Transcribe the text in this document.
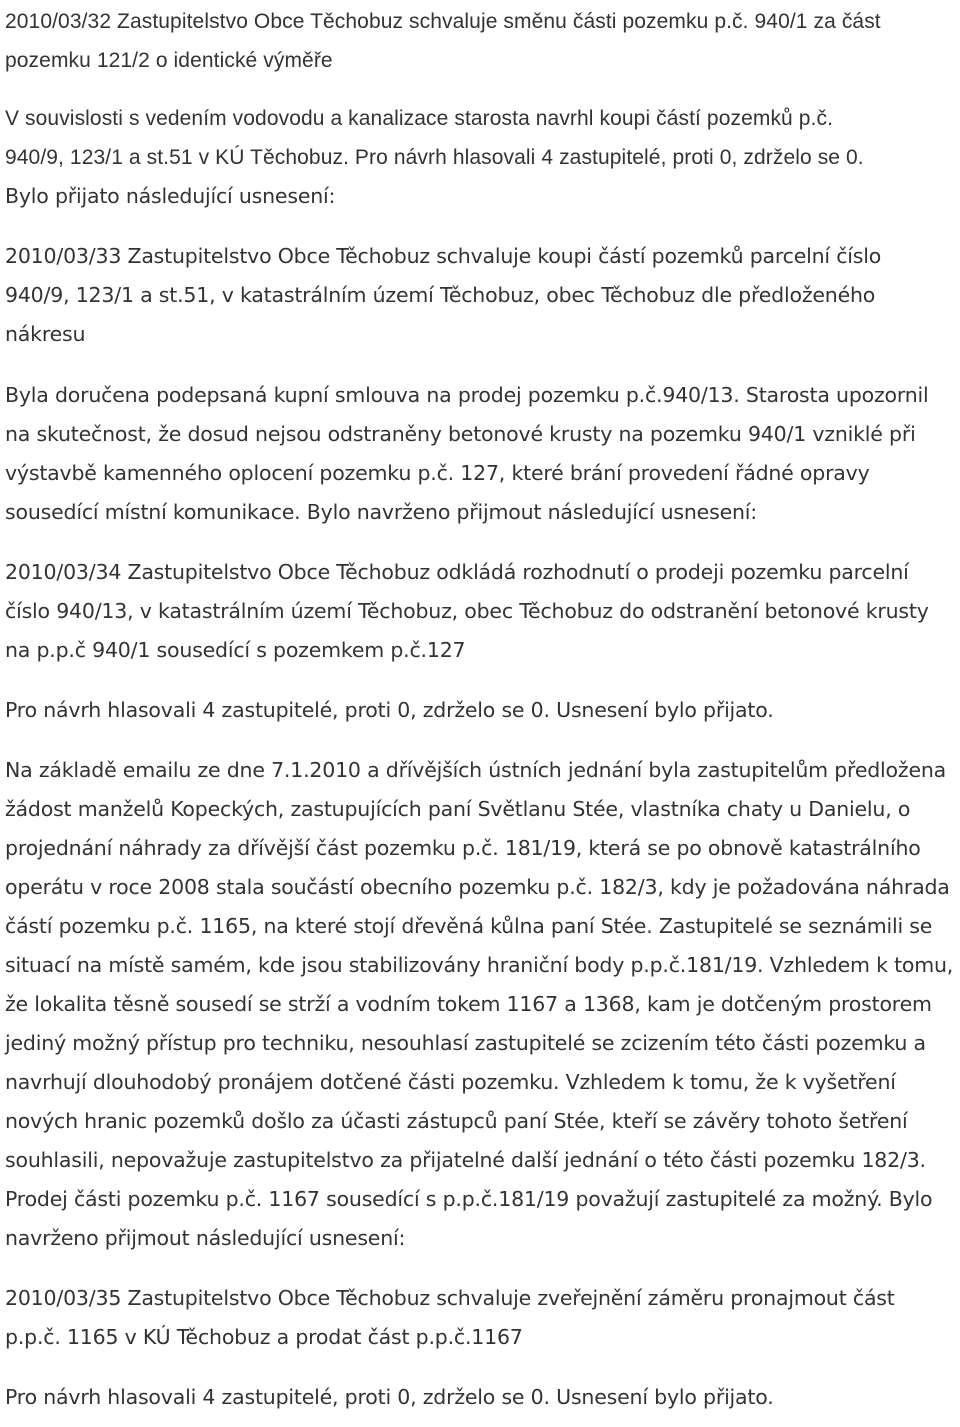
2010/03/32 Zastupitelstvo Obce Těchobuz schvaluje směnu části pozemku p.č. 940/1 za část
pozemku 121/2 o identické výměře

V souvislosti s vedením vodovodu a kanalizace starosta navrhl koupi částí pozemků p.č.
940/9, 123/1 a st.51 v KÚ Těchobuz. Pro návrh hlasovali 4 zastupitelé, proti 0, zdrželo se 0.
Bylo přijato následující usnesení:

2010/03/33 Zastupitelstvo Obce Těchobuz schvaluje koupi částí pozemků parcelní číslo
940/9, 123/1 a st.51, v katastrálním území Těchobuz, obec Těchobuz dle předloženého
nákresu

Byla doručena podepsaná kupní smlouva na prodej pozemku p.č.940/13. Starosta upozornil
na skutečnost, že dosud nejsou odstraněny betonové krusty na pozemku 940/1 vzniklé při
výstavbě kamenného oplocení pozemku p.č. 127, které brání provedení řádné opravy
sousedící místní komunikace. Bylo navrženo přijmout následující usnesení:

2010/03/34 Zastupitelstvo Obce Těchobuz odkládá rozhodnutí o prodeji pozemku parcelní
číslo 940/13, v katastrálním území Těchobuz, obec Těchobuz do odstranění betonové krusty
na p.p.č 940/1 sousedící s pozemkem p.č.127

Pro návrh hlasovali 4 zastupitelé, proti 0, zdrželo se 0. Usnesení bylo přijato.

Na základě emailu ze dne 7.1.2010 a dřívějších ústních jednání byla zastupitelům předložena
žádost manželů Kopeckých, zastupujících paní Světlanu Stée, vlastníka chaty u Danielu, o
projednání náhrady za dřívější část pozemku p.č. 181/19, která se po obnově katastrálního
operátu v roce 2008 stala součástí obecního pozemku p.č. 182/3, kdy je požadována náhrada
částí pozemku p.č. 1165, na které stojí dřevěná kůlna paní Stée. Zastupitelé se seznámili se
situací na místě samém, kde jsou stabilizovány hraniční body p.p.č.181/19. Vzhledem k tomu,
že lokalita těsně sousedí se strží a vodním tokem 1167 a 1368, kam je dotčeným prostorem
jediný možný přístup pro techniku, nesouhlasí zastupitelé se zcizením této části pozemku a
navrhují dlouhodobý pronájem dotčené části pozemku. Vzhledem k tomu, že k vyšetření
nových hranic pozemků došlo za účasti zástupců paní Stée, kteří se závěry tohoto šetření
souhlasili, nepovažuje zastupitelstvo za přijatelné další jednání o této části pozemku 182/3.
Prodej části pozemku p.č. 1167 sousedící s p.p.č.181/19 považují zastupitelé za možný. Bylo
navrženo přijmout následující usnesení:

2010/03/35 Zastupitelstvo Obce Těchobuz schvaluje zveřejnění záměru pronajmout část
p.p.č. 1165 v KÚ Těchobuz a prodat část p.p.č.1167

Pro návrh hlasovali 4 zastupitelé, proti 0, zdrželo se 0. Usnesení bylo přijato.
